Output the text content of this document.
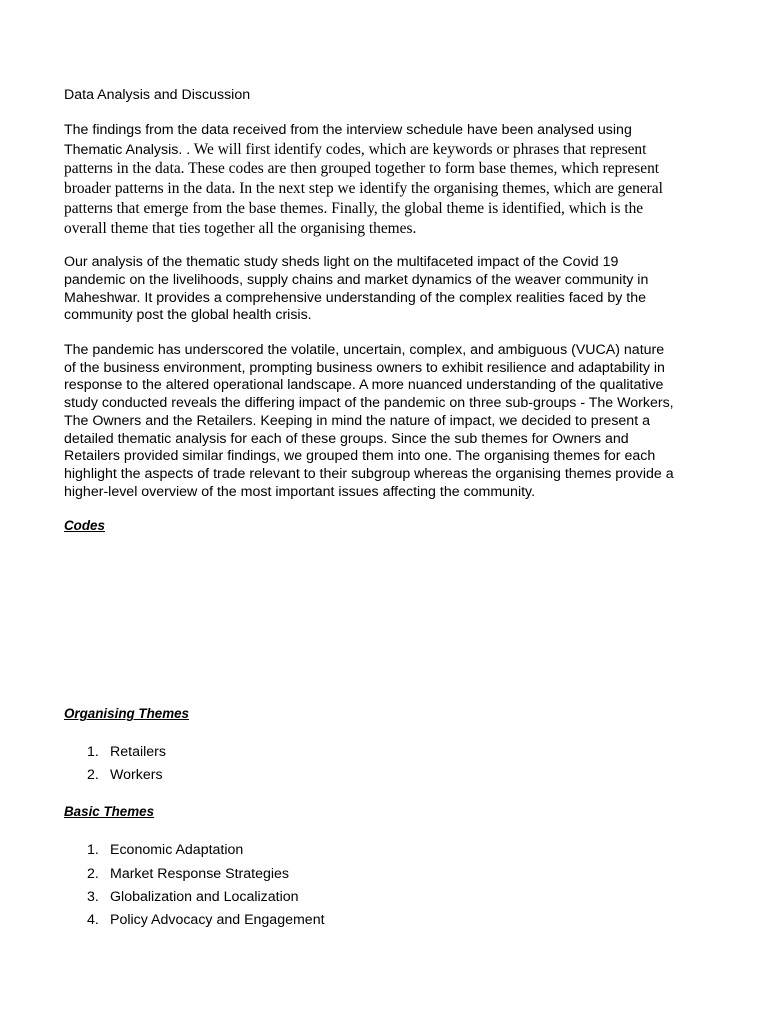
Data Analysis and Discussion

The findings from the data received from the interview schedule have been analysed using Thematic Analysis. . We will first identify codes, which are keywords or phrases that represent patterns in the data. These codes are then grouped together to form base themes, which represent broader patterns in the data. In the next step we identify the organising themes, which are general patterns that emerge from the base themes. Finally, the global theme is identified, which is the overall theme that ties together all the organising themes.

Our analysis of the thematic study sheds light on the multifaceted impact of the Covid 19 pandemic on the livelihoods, supply chains and market dynamics of the weaver community in Maheshwar. It provides a comprehensive understanding of the complex realities faced by the community post the global health crisis.

The pandemic has underscored the volatile, uncertain, complex, and ambiguous (VUCA) nature of the business environment, prompting business owners to exhibit resilience and adaptability in response to the altered operational landscape. A more nuanced understanding of the qualitative study conducted reveals the differing impact of the pandemic on three sub-groups - The Workers, The Owners and the Retailers. Keeping in mind the nature of impact, we decided to present a detailed thematic analysis for each of these groups. Since the sub themes for Owners and Retailers provided similar findings, we grouped them into one. The organising themes for each highlight the aspects of trade relevant to their subgroup whereas the organising themes provide a higher-level overview of the most important issues affecting the community.

Codes
Organising Themes
1. Retailers
2. Workers
Basic Themes
1. Economic Adaptation
2. Market Response Strategies
3. Globalization and Localization
4. Policy Advocacy and Engagement
